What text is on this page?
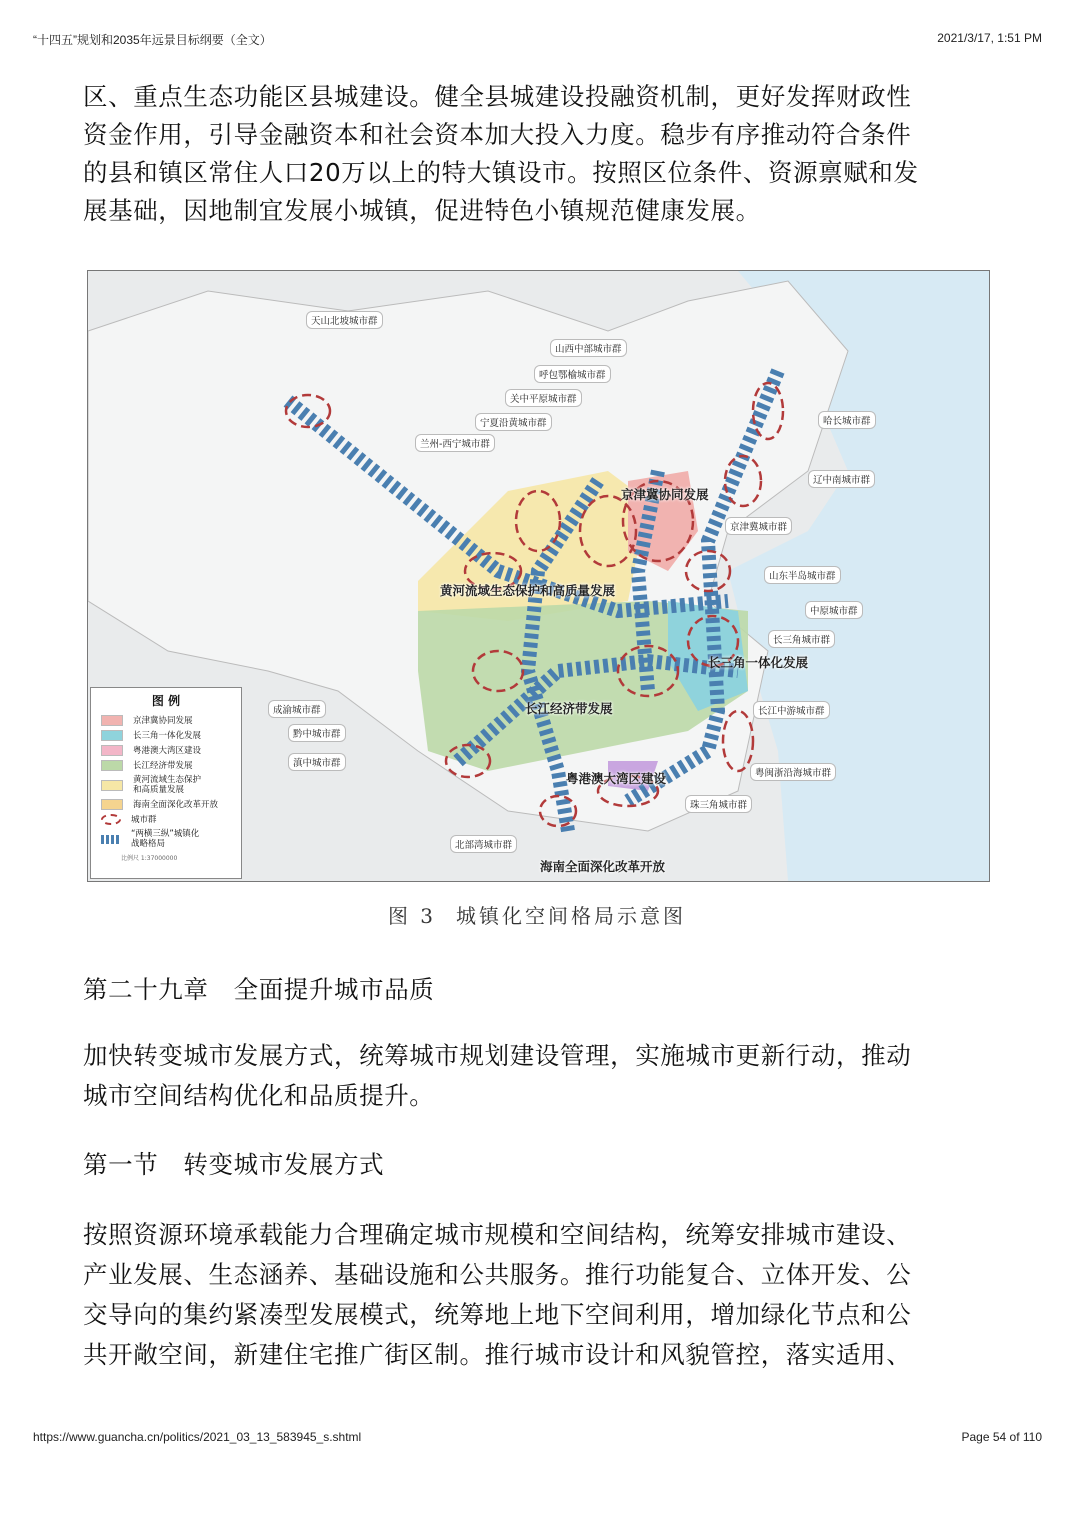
“十四五”规划和2035年远景目标纲要（全文）	2021/3/17, 1:51 PM

区、重点生态功能区县城建设。健全县城建设投融资机制，更好发挥财政性

资金作用，引导金融资本和社会资本加大投入力度。稳步有序推动符合条件

的县和镇区常住人口20万以上的特大镇设市。按照区位条件、资源禀赋和发

展基础，因地制宜发展小城镇，促进特色小镇规范健康发展。

天山北坡城市群
山西中部城市群
呼包鄂榆城市群
关中平原城市群
宁夏沿黄城市群
兰州-西宁城市群
哈长城市群
辽中南城市群
京津冀城市群
山东半岛城市群
中原城市群
长三角城市群
成渝城市群	长江中游城市群
黔中城市群
滇中城市群
粤闽浙沿海城市群
珠三角城市群
北部湾城市群
京津冀协同发展
黄河流域生态保护和高质量发展
长三角一体化发展
长江经济带发展
粤港澳大湾区建设
海南全面深化改革开放
图 例
京津冀协同发展
长三角一体化发展
粤港澳大湾区建设
长江经济带发展
黄河流域生态保护和高质量发展
海南全面深化改革开放
城市群
“两横三纵”城镇化战略格局
比例尺 1:37000000
图 3 城镇化空间格局示意图

第二十九章　全面提升城市品质

加快转变城市发展方式，统筹城市规划建设管理，实施城市更新行动，推动

城市空间结构优化和品质提升。

第一节　转变城市发展方式

按照资源环境承载能力合理确定城市规模和空间结构，统筹安排城市建设、

产业发展、生态涵养、基础设施和公共服务。推行功能复合、立体开发、公

交导向的集约紧凑型发展模式，统筹地上地下空间利用，增加绿化节点和公

共开敞空间，新建住宅推广街区制。推行城市设计和风貌管控，落实适用、

https://www.guancha.cn/politics/2021_03_13_583945_s.shtml	Page 54 of 110
